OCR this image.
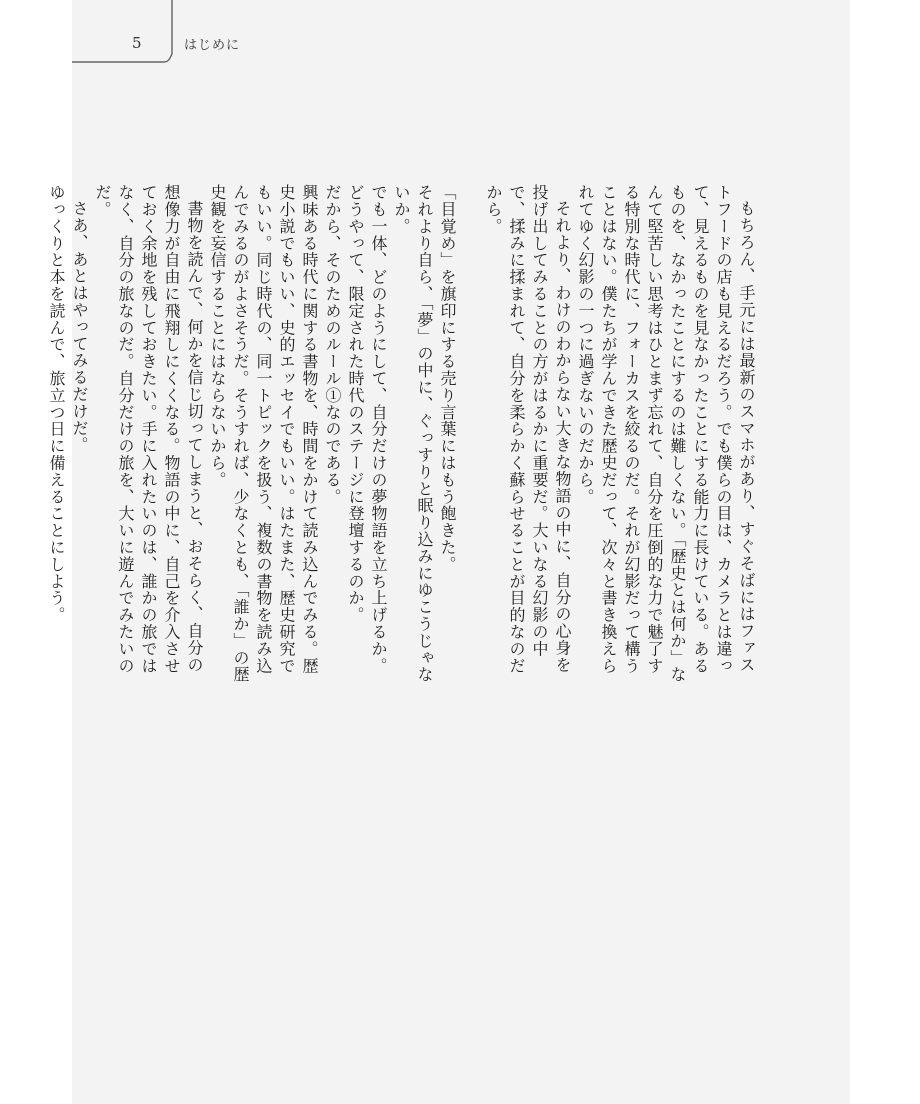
5	はじめに

もちろん、手元には最新のスマホがあり、すぐそばにはファストフードの店も見えるだろう。でも僕らの目は、カメラとは違って、見えるものを見なかったことにする能力に長けている。あるものを、なかったことにするのは難しくない。「歴史とは何か」なんて堅苦しい思考はひとまず忘れて、自分を圧倒的な力で魅了する特別な時代に、フォーカスを絞るのだ。それが幻影だって構うことはない。僕たちが学んできた歴史だって、次々と書き換えられてゆく幻影の一つに過ぎないのだから。

それより、わけのわからない大きな物語の中に、自分の心身を投げ出してみることの方がはるかに重要だ。大いなる幻影の中で、揉みに揉まれて、自分を柔らかく蘇らせることが目的なのだから。

「目覚め」を旗印にする売り言葉にはもう飽きた。

それより自ら、「夢」の中に、ぐっすりと眠り込みにゆこうじゃないか。

でも一体、どのようにして、自分だけの夢物語を立ち上げるか。

どうやって、限定された時代のステージに登壇するのか。

だから、そのためのルール①なのである。

興味ある時代に関する書物を、時間をかけて読み込んでみる。歴史小説でもいい、史的エッセイでもいい。はたまた、歴史研究でもいい。同じ時代の、同一トピックを扱う、複数の書物を読み込んでみるのがよさそうだ。そうすれば、少なくとも、「誰か」の歴史観を妄信することにはならないから。

書物を読んで、何かを信じ切ってしまうと、おそらく、自分の想像力が自由に飛翔しにくくなる。物語の中に、自己を介入させておく余地を残しておきたい。手に入れたいのは、誰かの旅ではなく、自分の旅なのだ。自分だけの旅を、大いに遊んでみたいのだ。

さあ、あとはやってみるだけだ。

ゆっくりと本を読んで、旅立つ日に備えることにしよう。
